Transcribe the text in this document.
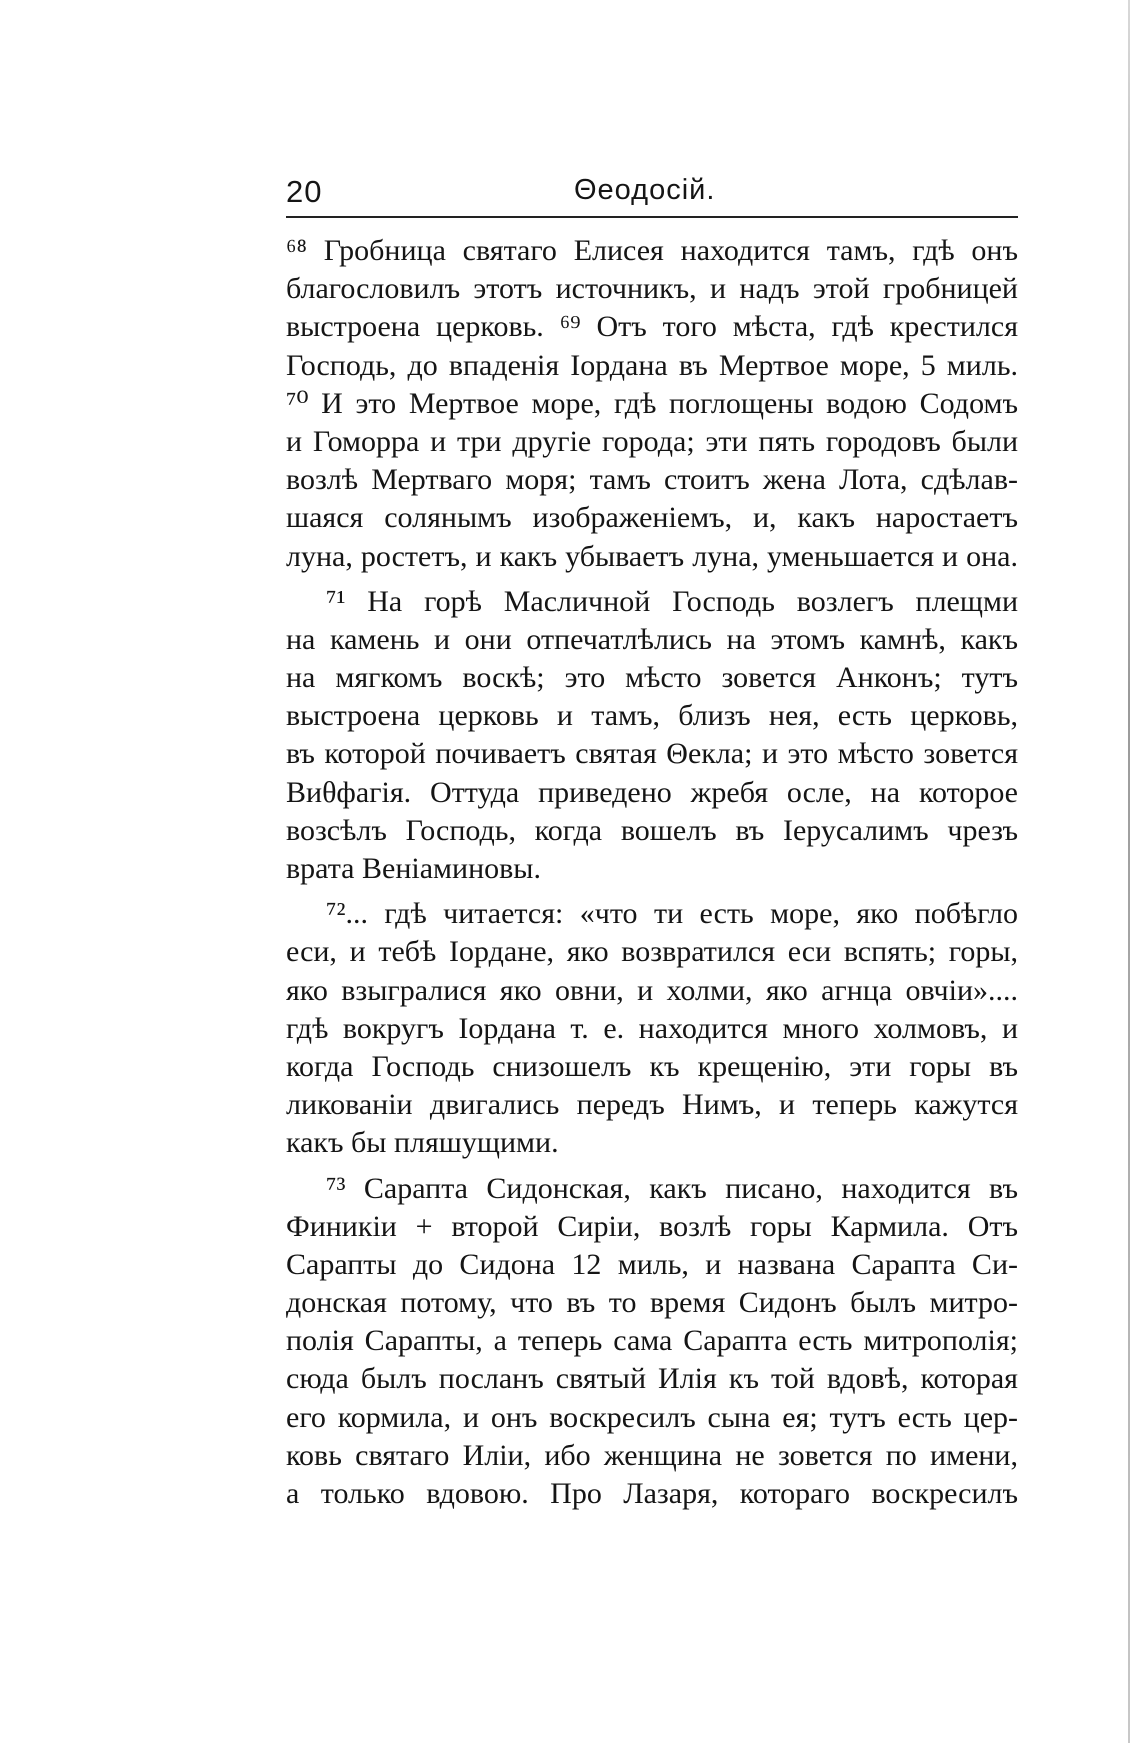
20	Θеодосій.
⁶⁸ Гробница святаго Елисея находится тамъ, гдѣ онъ
благословилъ этотъ источникъ, и надъ этой гробницей
выстроена церковь. ⁶⁹ Отъ того мѣста, гдѣ крестился
Господь, до впаденія Іордана въ Мертвое море, 5 миль.
⁷⁰ И это Мертвое море, гдѣ поглощены водою Содомъ
и Гоморра и три другіе города; эти пять городовъ были
возлѣ Мертваго моря; тамъ стоитъ жена Лота, сдѣлав-
шаяся солянымъ изображеніемъ, и, какъ наростаетъ
луна, ростетъ, и какъ убываетъ луна, уменьшается и она.
⁷¹ На горѣ Масличной Господь возлегъ плещми
на камень и они отпечатлѣлись на этомъ камнѣ, какъ
на мягкомъ воскѣ; это мѣсто зовется Анконъ; тутъ
выстроена церковь и тамъ, близъ нея, есть церковь,
въ которой почиваетъ святая Θекла; и это мѣсто зовется
Виθфагія. Оттуда приведено жребя осле, на которое
возсѣлъ Господь, когда вошелъ въ Іерусалимъ чрезъ
врата Веніаминовы.
⁷²... гдѣ читается: «что ти есть море, яко побѣгло
еси, и тебѣ Іордане, яко возвратился еси вспять; горы,
яко взыгралися яко овни, и холми, яко агнца овчіи»....
гдѣ вокругъ Іордана т. е. находится много холмовъ, и
когда Господь снизошелъ къ крещенію, эти горы въ
ликованіи двигались передъ Нимъ, и теперь кажутся
какъ бы пляшущими.
⁷³ Сарапта Сидонская, какъ писано, находится въ
Финикіи + второй Сиріи, возлѣ горы Кармила. Отъ
Сарапты до Сидона 12 миль, и названа Сарапта Си-
донская потому, что въ то время Сидонъ былъ митро-
полія Сарапты, а теперь сама Сарапта есть митрополія;
сюда былъ посланъ святый Илія къ той вдовѣ, которая
его кормила, и онъ воскресилъ сына ея; тутъ есть цер-
ковь святаго Иліи, ибо женщина не зовется по имени,
а только вдовою. Про Лазаря, котораго воскресилъ
